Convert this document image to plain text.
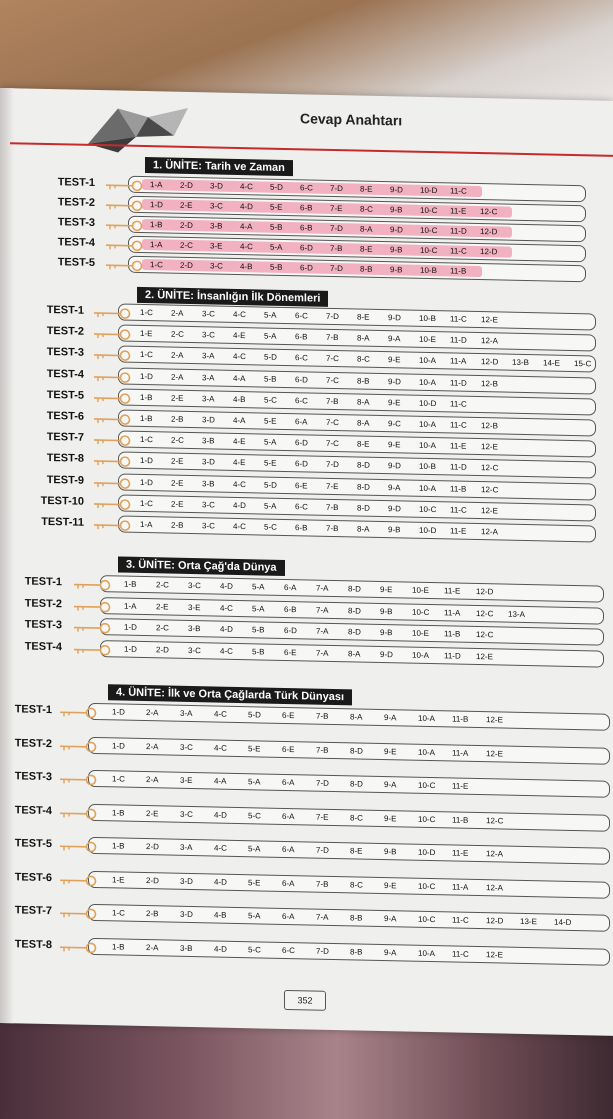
Cevap Anahtarı
1. ÜNİTE: Tarih ve Zaman
TEST-1	1-A 2-D 3-D 4-C 5-D 6-C 7-D 8-E 9-D 10-D 11-C
TEST-2	1-D 2-E 3-C 4-D 5-E 6-B 7-E 8-C 9-B 10-C 11-E 12-C
TEST-3	1-B 2-D 3-B 4-A 5-B 6-B 7-D 8-A 9-D 10-C 11-D 12-D
TEST-4	1-A 2-C 3-E 4-C 5-A 6-D 7-B 8-E 9-B 10-C 11-C 12-D
TEST-5	1-C 2-D 3-C 4-B 5-B 6-D 7-D 8-B 9-B 10-B 11-B
2. ÜNİTE: İnsanlığın İlk Dönemleri
TEST-1	1-C 2-A 3-C 4-C 5-A 6-C 7-D 8-E 9-D 10-B 11-C 12-E
TEST-2	1-E 2-C 3-C 4-E 5-A 6-B 7-B 8-A 9-A 10-E 11-D 12-A
TEST-3	1-C 2-A 3-A 4-C 5-D 6-C 7-C 8-C 9-E 10-A 11-A 12-D 13-B 14-E 15-C
TEST-4	1-D 2-A 3-A 4-A 5-B 6-D 7-C 8-B 9-D 10-A 11-D 12-B
TEST-5	1-B 2-E 3-A 4-B 5-C 6-C 7-B 8-A 9-E 10-D 11-C
TEST-6	1-B 2-B 3-D 4-A 5-E 6-A 7-C 8-A 9-C 10-A 11-C 12-B
TEST-7	1-C 2-C 3-B 4-E 5-A 6-D 7-C 8-E 9-E 10-A 11-E 12-E
TEST-8	1-D 2-E 3-D 4-E 5-E 6-D 7-D 8-D 9-D 10-B 11-D 12-C
TEST-9	1-D 2-E 3-B 4-C 5-D 6-E 7-E 8-D 9-A 10-A 11-B 12-C
TEST-10	1-C 2-E 3-C 4-D 5-A 6-C 7-B 8-D 9-D 10-C 11-C 12-E
TEST-11	1-A 2-B 3-C 4-C 5-C 6-B 7-B 8-A 9-B 10-D 11-E 12-A
3. ÜNİTE: Orta Çağ'da Dünya
TEST-1	1-B 2-C 3-C 4-D 5-A 6-A 7-A 8-D 9-E 10-E 11-E 12-D
TEST-2	1-A 2-E 3-E 4-C 5-A 6-B 7-A 8-D 9-B 10-C 11-A 12-C 13-A
TEST-3	1-D 2-C 3-B 4-D 5-B 6-D 7-A 8-D 9-B 10-E 11-B 12-C
TEST-4	1-D 2-D 3-C 4-C 5-B 6-E 7-A 8-A 9-D 10-A 11-D 12-E
4. ÜNİTE: İlk ve Orta Çağlarda Türk Dünyası
TEST-1	1-D	2-A	3-A	4-C	5-D	6-E	7-B	8-A	9-A	10-A 11-B 12-E
TEST-2	1-D	2-A	3-C	4-C	5-E	6-E	7-B	8-D	9-E	10-A 11-A 12-E
TEST-3	1-C	2-A	3-E	4-A	5-A	6-A	7-D	8-D	9-A	10-C 11-E
TEST-4	1-B	2-E	3-C	4-D	5-C	6-A	7-E	8-C	9-E	10-C 11-B 12-C
TEST-5	1-B	2-D	3-A	4-C	5-A	6-A	7-D	8-E	9-B	10-D 11-E 12-A
TEST-6	1-E	2-D	3-D	4-D	5-E	6-A	7-B	8-C	9-E	10-C 11-A 12-A
TEST-7	1-C	2-B	3-D	4-B	5-A	6-A	7-A	8-B	9-A	10-C 11-C 12-D 13-E 14-D
TEST-8	1-B	2-A	3-B	4-D	5-C	6-C	7-D	8-B	9-A	10-A 11-C 12-E
352
